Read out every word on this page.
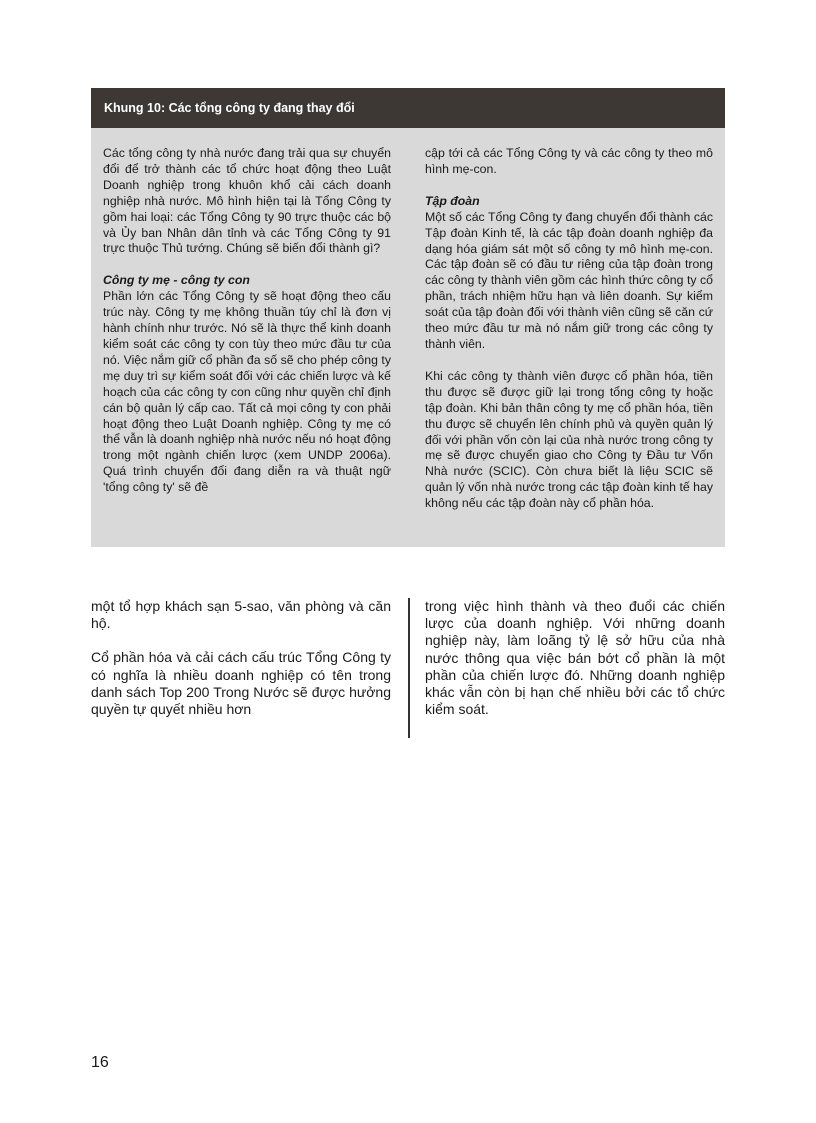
Khung 10: Các tổng công ty đang thay đổi

Các tổng công ty nhà nước đang trải qua sự chuyển đổi để trở thành các tổ chức hoạt động theo Luật Doanh nghiệp trong khuôn khổ cải cách doanh nghiệp nhà nước. Mô hình hiện tại là Tổng Công ty gồm hai loại: các Tổng Công ty 90 trực thuộc các bộ và Ủy ban Nhân dân tỉnh và các Tổng Công ty 91 trực thuộc Thủ tướng. Chúng sẽ biến đổi thành gì?

Công ty mẹ - công ty con
Phần lớn các Tổng Công ty sẽ hoạt động theo cấu trúc này. Công ty mẹ không thuần túy chỉ là đơn vị hành chính như trước. Nó sẽ là thực thể kinh doanh kiểm soát các công ty con tùy theo mức đầu tư của nó. Việc nắm giữ cổ phần đa số sẽ cho phép công ty mẹ duy trì sự kiểm soát đối với các chiến lược và kế hoạch của các công ty con cũng như quyền chỉ định cán bộ quản lý cấp cao. Tất cả mọi công ty con phải hoạt động theo Luật Doanh nghiệp. Công ty mẹ có thể vẫn là doanh nghiệp nhà nước nếu nó hoạt động trong một ngành chiến lược (xem UNDP 2006a). Quá trình chuyển đổi đang diễn ra và thuật ngữ 'tổng công ty' sẽ đề

cập tới cả các Tổng Công ty và các công ty theo mô hình mẹ-con.

Tập đoàn
Một số các Tổng Công ty đang chuyển đổi thành các Tập đoàn Kinh tế, là các tập đoàn doanh nghiệp đa dạng hóa giám sát một số công ty mô hình mẹ-con. Các tập đoàn sẽ có đầu tư riêng của tập đoàn trong các công ty thành viên gồm các hình thức công ty cổ phần, trách nhiệm hữu hạn và liên doanh. Sự kiểm soát của tập đoàn đối với thành viên cũng sẽ căn cứ theo mức đầu tư mà nó nắm giữ trong các công ty thành viên.

Khi các công ty thành viên được cổ phần hóa, tiền thu được sẽ được giữ lại trong tổng công ty hoặc tập đoàn. Khi bản thân công ty mẹ cổ phần hóa, tiền thu được sẽ chuyển lên chính phủ và quyền quản lý đối với phần vốn còn lại của nhà nước trong công ty mẹ sẽ được chuyển giao cho Công ty Đầu tư Vốn Nhà nước (SCIC). Còn chưa biết là liệu SCIC sẽ quản lý vốn nhà nước trong các tập đoàn kinh tế hay không nếu các tập đoàn này cổ phần hóa.

một tổ hợp khách sạn 5-sao, văn phòng và căn hộ.

Cổ phần hóa và cải cách cấu trúc Tổng Công ty có nghĩa là nhiều doanh nghiệp có tên trong danh sách Top 200 Trong Nước sẽ được hưởng quyền tự quyết nhiều hơn

trong việc hình thành và theo đuổi các chiến lược của doanh nghiệp. Với những doanh nghiệp này, làm loãng tỷ lệ sở hữu của nhà nước thông qua việc bán bớt cổ phần là một phần của chiến lược đó. Những doanh nghiệp khác vẫn còn bị hạn chế nhiều bởi các tổ chức kiểm soát.

16
